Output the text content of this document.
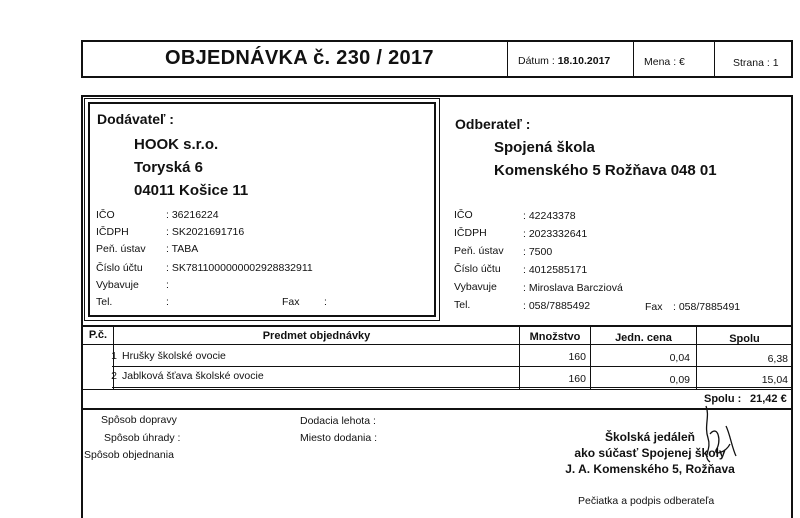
OBJEDNÁVKA č. 230 / 2017	Dátum : 18.10.2017	Mena : €	Strana : 1
Dodávateľ :
HOOK s.r.o.
Toryská 6
04011 Košice 11
IČO	: 36216224
IČDPH	: SK2021691716
Peň. ústav : TABA
Číslo účtu : SK7811000000002928832911
Vybavuje	:
Tel.	:	Fax :
Odberateľ :
Spojená škola
Komenského 5 Rožňava 048 01
IČO	: 42243378
IČDPH	: 2023332641
Peň. ústav : 7500
Číslo účtu : 4012585171
Vybavuje : Miroslava Barcziová
Tel.	: 058/7885492	Fax : 058/7885491
P.č.	Predmet objednávky	Množstvo	Jedn. cena	Spolu
1 Hrušky školské ovocie	160	0,04	6,38
2 Jablková šťava školské ovocie	160	0,09	15,04
Spolu : 21,42 €
Spôsob dopravy
Spôsob úhrady :
Spôsob objednania
Dodacia lehota :
Miesto dodania :	Školská jedáleň
ako súčasť Spojenej školy
J. A. Komenského 5, Rožňava
Pečiatka a podpis odberateľa
